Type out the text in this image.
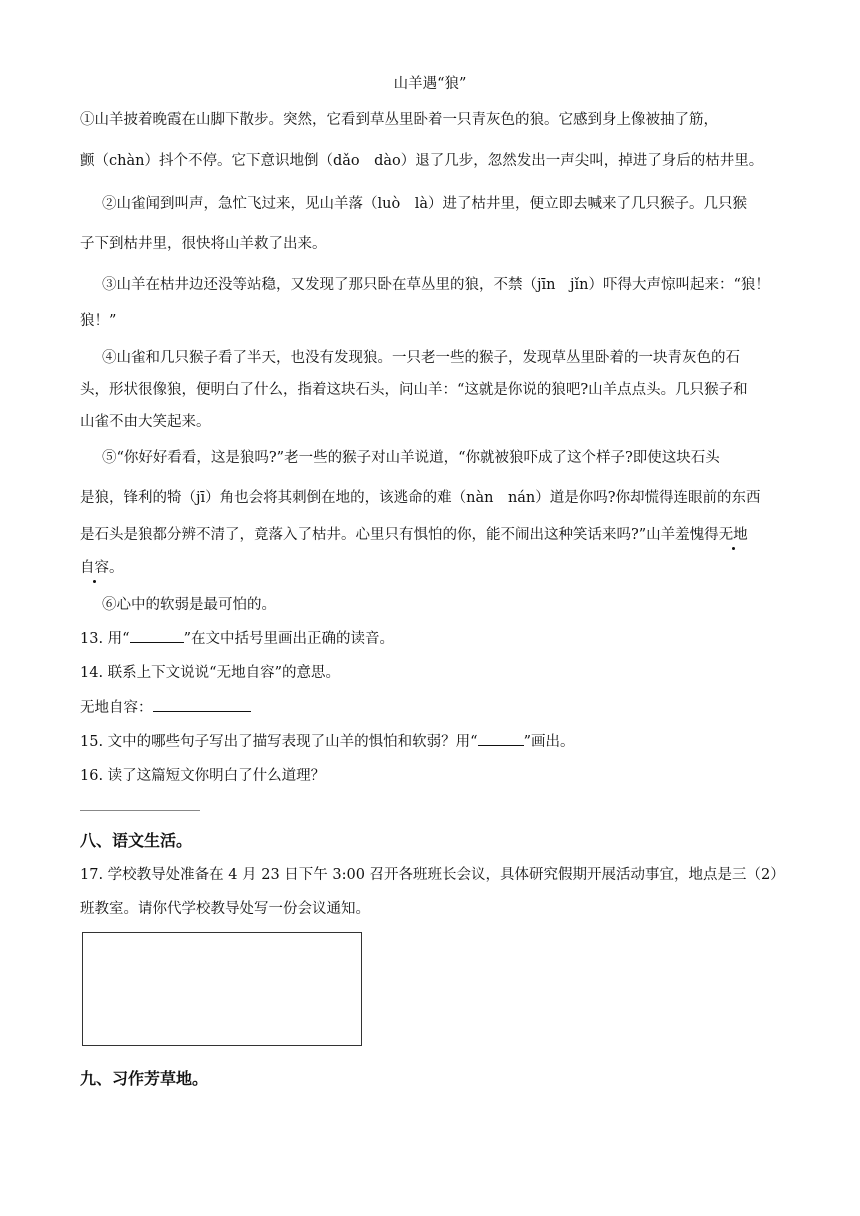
山羊遇“狼”
①山羊披着晚霞在山脚下散步。突然，它看到草丛里卧着一只青灰色的狼。它感到身上像被抽了筋，
颤（chàn）抖个不停。它下意识地倒（dǎo　dào）退了几步，忽然发出一声尖叫，掉进了身后的枯井里。
②山雀闻到叫声，急忙飞过来，见山羊落（luò　là）进了枯井里，便立即去喊来了几只猴子。几只猴
子下到枯井里，很快将山羊救了出来。
③山羊在枯井边还没等站稳，又发现了那只卧在草丛里的狼，不禁（jīn　jǐn）吓得大声惊叫起来：“狼！
狼！”
④山雀和几只猴子看了半天，也没有发现狼。一只老一些的猴子，发现草丛里卧着的一块青灰色的石
头，形状很像狼，便明白了什么，指着这块石头，问山羊：“这就是你说的狼吧?山羊点点头。几只猴子和
山雀不由大笑起来。
⑤“你好好看看，这是狼吗?”老一些的猴子对山羊说道，“你就被狼吓成了这个样子?即使这块石头
是狼，锋利的犄（jī）角也会将其刺倒在地的，该逃命的难（nàn　nán）道是你吗?你却慌得连眼前的东西
是石头是狼都分辨不清了，竟落入了枯井。心里只有惧怕的你，能不闹出这种笑话来吗?”山羊羞愧得无地
自容。
⑥心中的软弱是最可怕的。
13. 用“	”在文中括号里画出正确的读音。
14. 联系上下文说说“无地自容”的意思。
无地自容：
15. 文中的哪些句子写出了描写表现了山羊的惧怕和软弱？用“	”画出。
16. 读了这篇短文你明白了什么道理？
八、语文生活。
17. 学校教导处准备在 4 月 23 日下午 3:00 召开各班班长会议，具体研究假期开展活动事宜，地点是三（2）
班教室。请你代学校教导处写一份会议通知。
九、习作芳草地。
